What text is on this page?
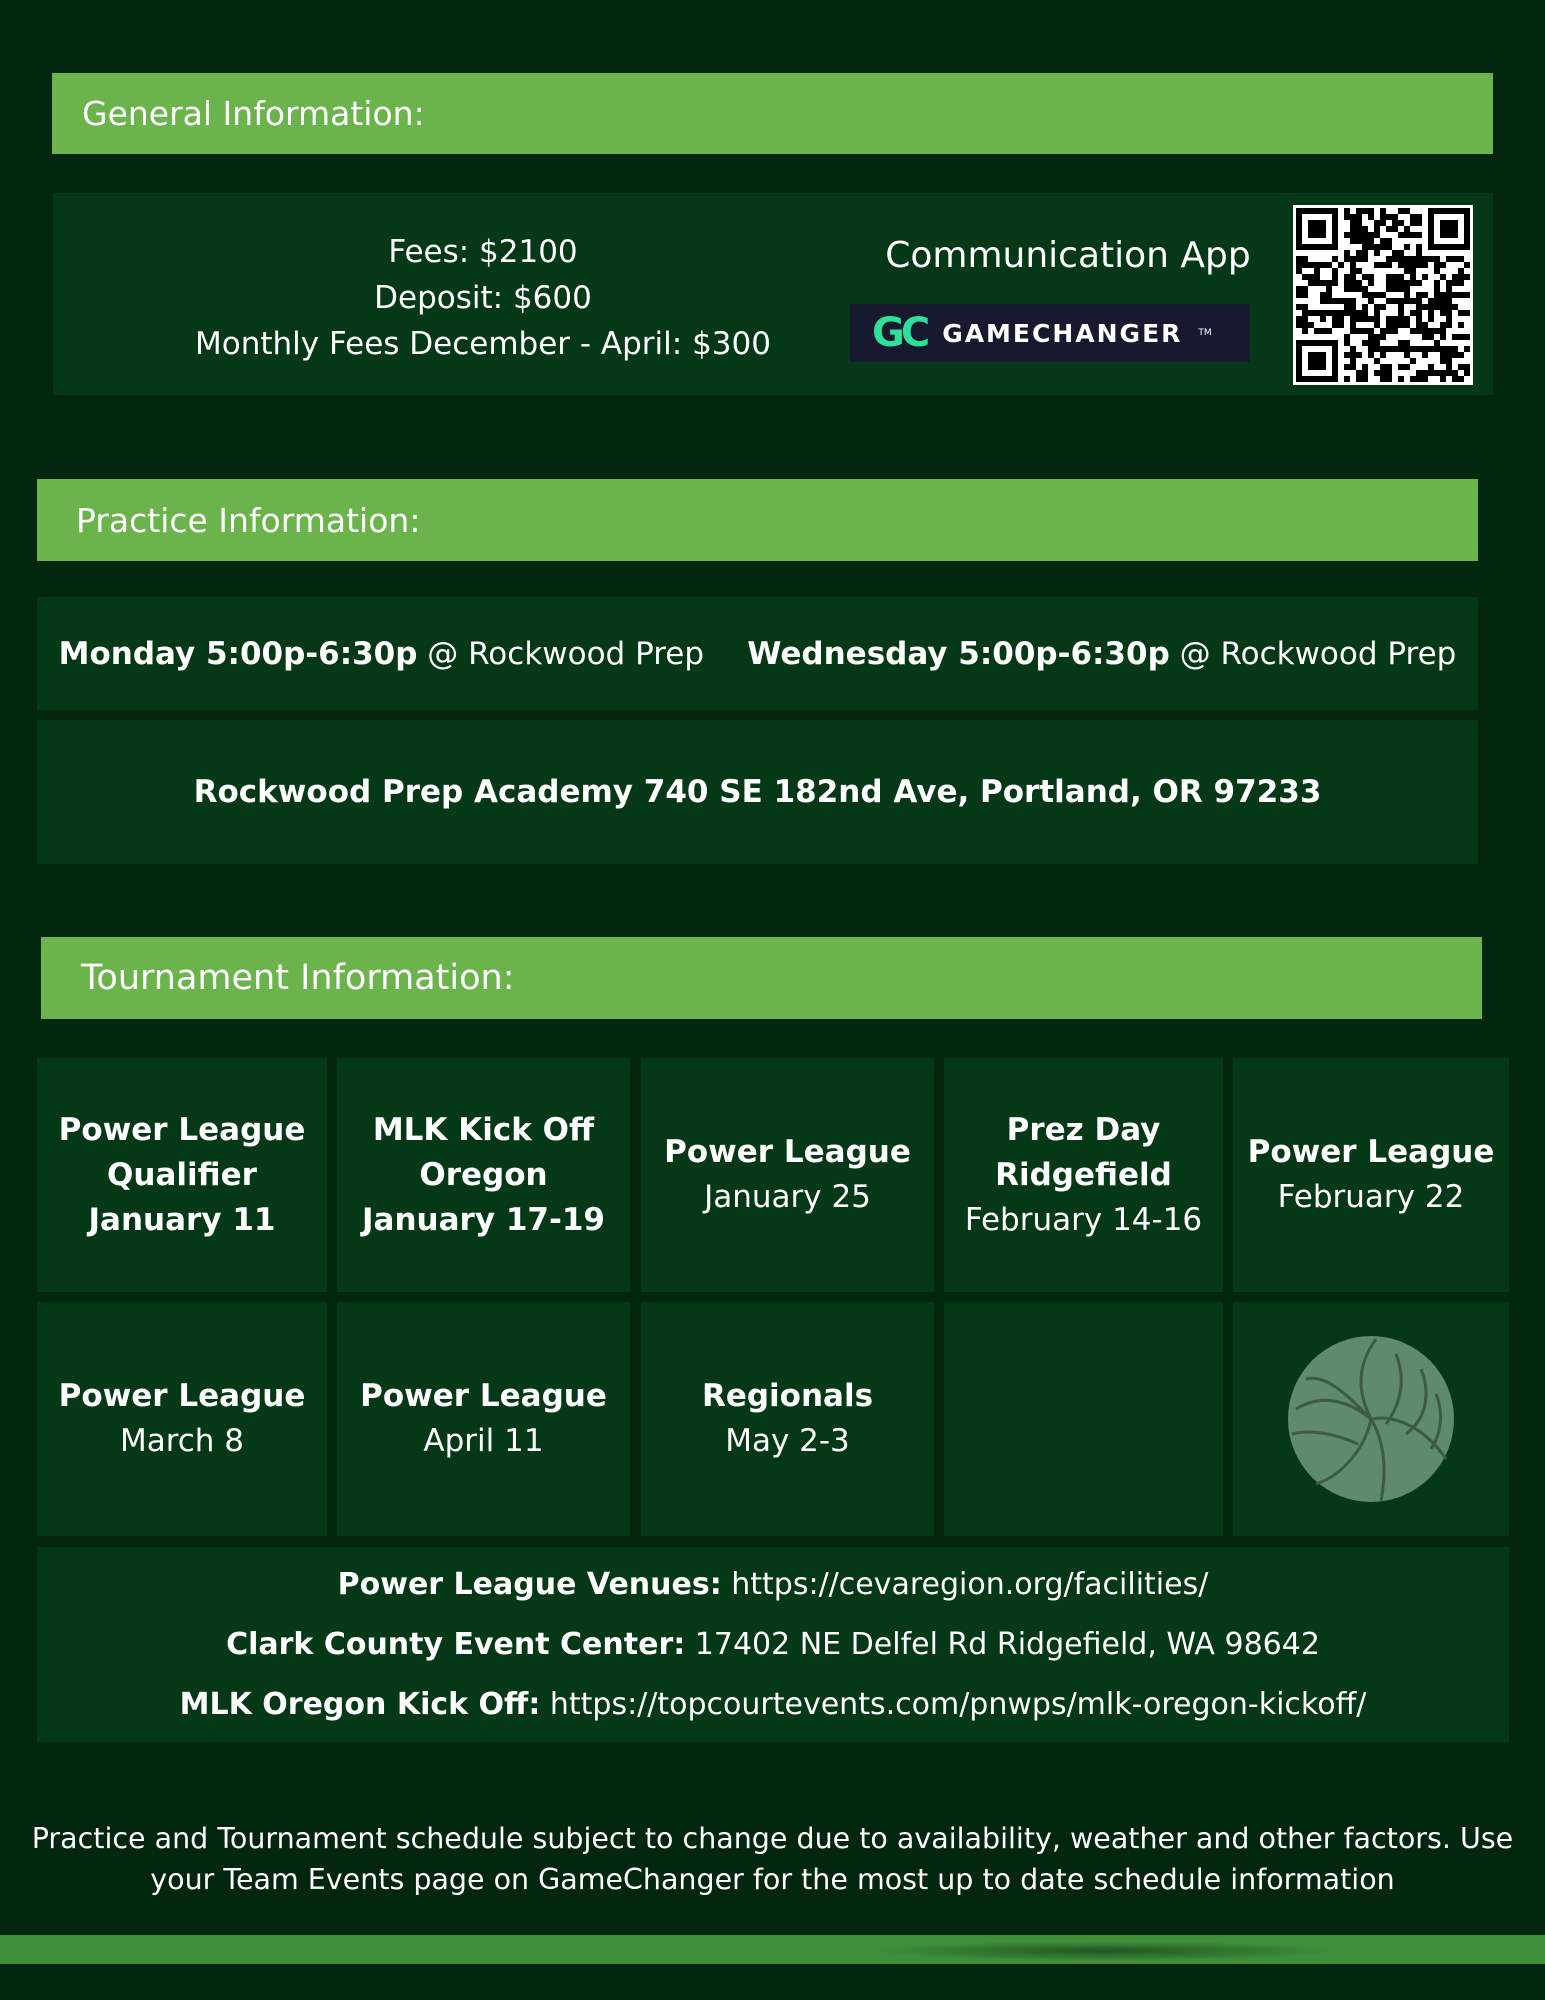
General Information:
Fees: $2100
Deposit: $600
Monthly Fees December - April: $300
Communication App
GC GAMECHANGER TM
Practice Information:
Monday 5:00p-6:30p @ Rockwood Prep Wednesday 5:00p-6:30p @ Rockwood Prep
Rockwood Prep Academy 740 SE 182nd Ave, Portland, OR 97233
Tournament Information:
Power League
Qualifier
January 11
MLK Kick Off
Oregon
January 17-19
Power League
January 25
Prez Day
Ridgefield
February 14-16
Power League
February 22
Power League
March 8
Power League
April 11
Regionals
May 2-3
Power League Venues: https://cevaregion.org/facilities/
Clark County Event Center: 17402 NE Delfel Rd Ridgefield, WA 98642
MLK Oregon Kick Off: https://topcourtevents.com/pnwps/mlk-oregon-kickoff/
Practice and Tournament schedule subject to change due to availability, weather and other factors. Use
your Team Events page on GameChanger for the most up to date schedule information
